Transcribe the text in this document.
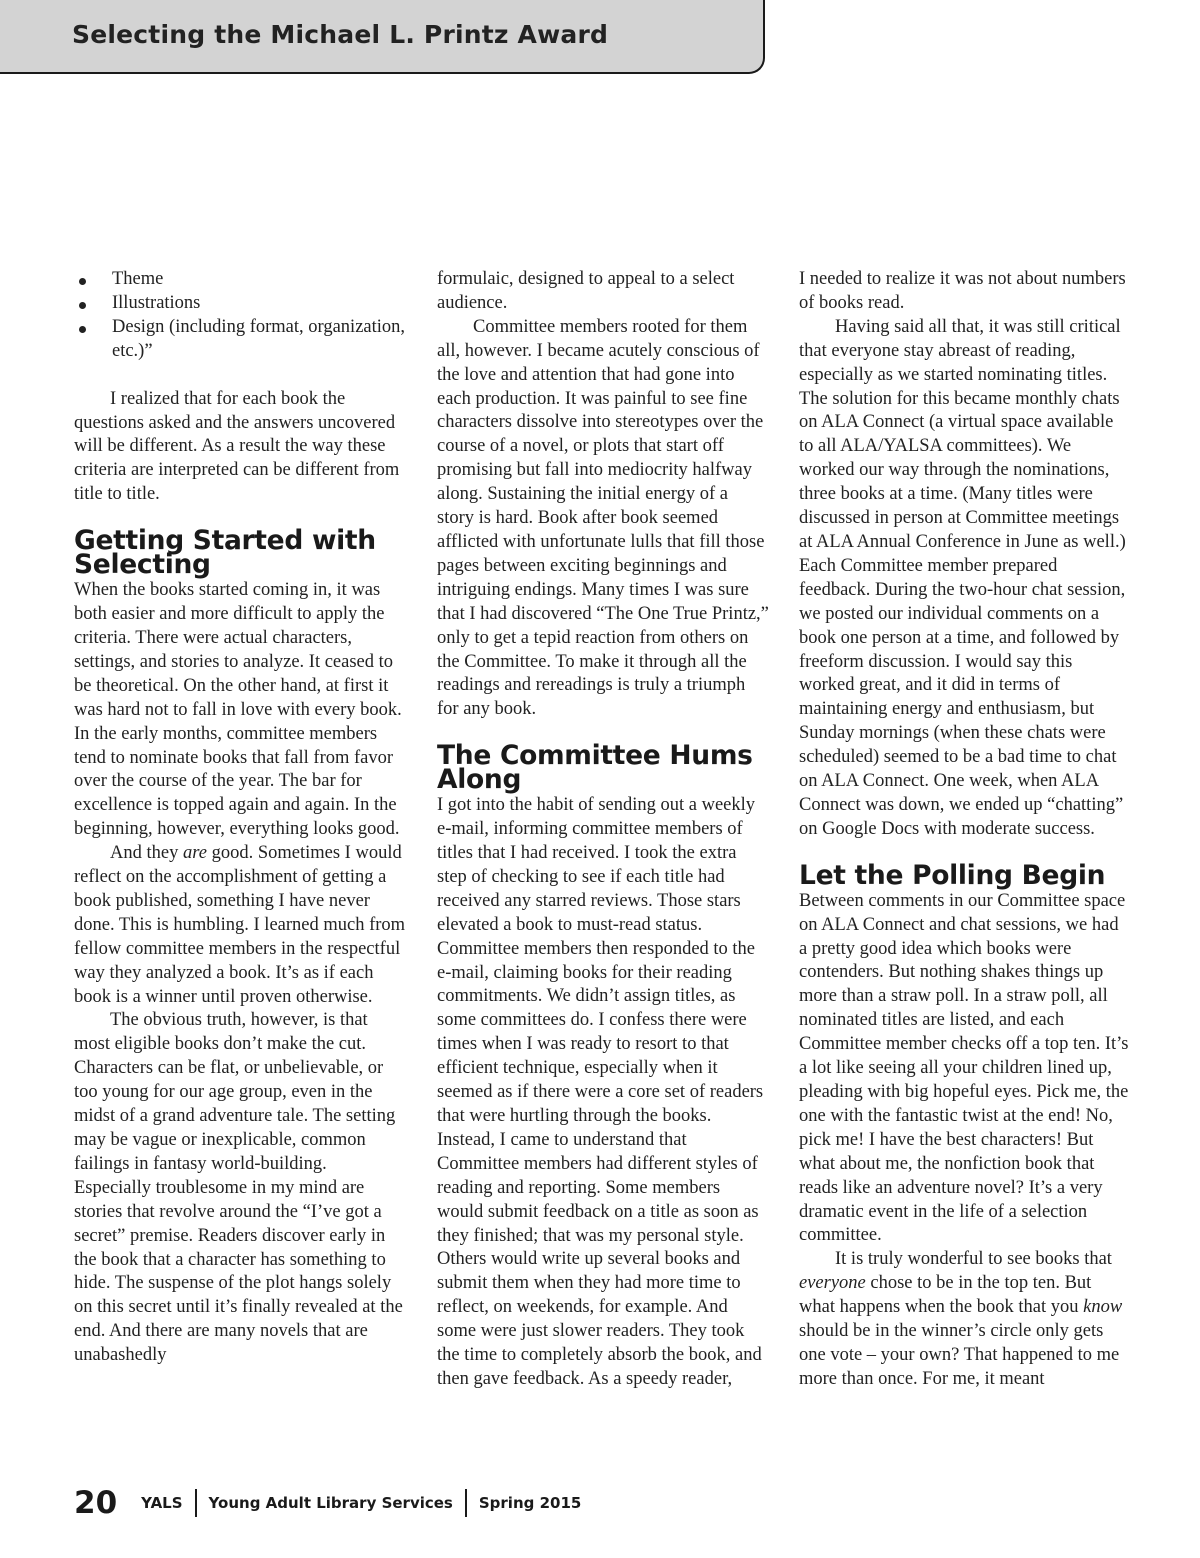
Selecting the Michael L. Printz Award
Theme
Illustrations
Design (including format, organization, etc.)”

I realized that for each book the questions asked and the answers uncovered will be different. As a result the way these criteria are interpreted can be different from title to title.

Getting Started with Selecting

When the books started coming in, it was both easier and more difficult to apply the criteria. There were actual characters, settings, and stories to analyze. It ceased to be theoretical. On the other hand, at first it was hard not to fall in love with every book. In the early months, committee members tend to nominate books that fall from favor over the course of the year. The bar for excellence is topped again and again. In the beginning, however, everything looks good.

And they are good. Sometimes I would reflect on the accomplishment of getting a book published, something I have never done. This is humbling. I learned much from fellow committee members in the respectful way they analyzed a book. It’s as if each book is a winner until proven otherwise.

The obvious truth, however, is that most eligible books don’t make the cut. Characters can be flat, or unbelievable, or too young for our age group, even in the midst of a grand adventure tale. The setting may be vague or inexplicable, common failings in fantasy world-building. Especially troublesome in my mind are stories that revolve around the “I’ve got a secret” premise. Readers discover early in the book that a character has something to hide. The suspense of the plot hangs solely on this secret until it’s finally revealed at the end. And there are many novels that are unabashedly

formulaic, designed to appeal to a select audience.

Committee members rooted for them all, however. I became acutely conscious of the love and attention that had gone into each production. It was painful to see fine characters dissolve into stereotypes over the course of a novel, or plots that start off promising but fall into mediocrity halfway along. Sustaining the initial energy of a story is hard. Book after book seemed afflicted with unfortunate lulls that fill those pages between exciting beginnings and intriguing endings. Many times I was sure that I had discovered “The One True Printz,” only to get a tepid reaction from others on the Committee. To make it through all the readings and rereadings is truly a triumph for any book.

The Committee Hums Along

I got into the habit of sending out a weekly e-mail, informing committee members of titles that I had received. I took the extra step of checking to see if each title had received any starred reviews. Those stars elevated a book to must-read status. Committee members then responded to the e-mail, claiming books for their reading commitments. We didn’t assign titles, as some committees do. I confess there were times when I was ready to resort to that efficient technique, especially when it seemed as if there were a core set of readers that were hurtling through the books. Instead, I came to understand that Committee members had different styles of reading and reporting. Some members would submit feedback on a title as soon as they finished; that was my personal style. Others would write up several books and submit them when they had more time to reflect, on weekends, for example. And some were just slower readers. They took the time to completely absorb the book, and then gave feedback. As a speedy reader,

I needed to realize it was not about numbers of books read.

Having said all that, it was still critical that everyone stay abreast of reading, especially as we started nominating titles. The solution for this became monthly chats on ALA Connect (a virtual space available to all ALA/YALSA committees). We worked our way through the nominations, three books at a time. (Many titles were discussed in person at Committee meetings at ALA Annual Conference in June as well.) Each Committee member prepared feedback. During the two-hour chat session, we posted our individual comments on a book one person at a time, and followed by freeform discussion. I would say this worked great, and it did in terms of maintaining energy and enthusiasm, but Sunday mornings (when these chats were scheduled) seemed to be a bad time to chat on ALA Connect. One week, when ALA Connect was down, we ended up “chatting” on Google Docs with moderate success.

Let the Polling Begin

Between comments in our Committee space on ALA Connect and chat sessions, we had a pretty good idea which books were contenders. But nothing shakes things up more than a straw poll. In a straw poll, all nominated titles are listed, and each Committee member checks off a top ten. It’s a lot like seeing all your children lined up, pleading with big hopeful eyes. Pick me, the one with the fantastic twist at the end! No, pick me! I have the best characters! But what about me, the nonfiction book that reads like an adventure novel? It’s a very dramatic event in the life of a selection committee.

It is truly wonderful to see books that everyone chose to be in the top ten. But what happens when the book that you know should be in the winner’s circle only gets one vote – your own? That happened to me more than once. For me, it meant

20 YALS Young Adult Library Services Spring 2015
